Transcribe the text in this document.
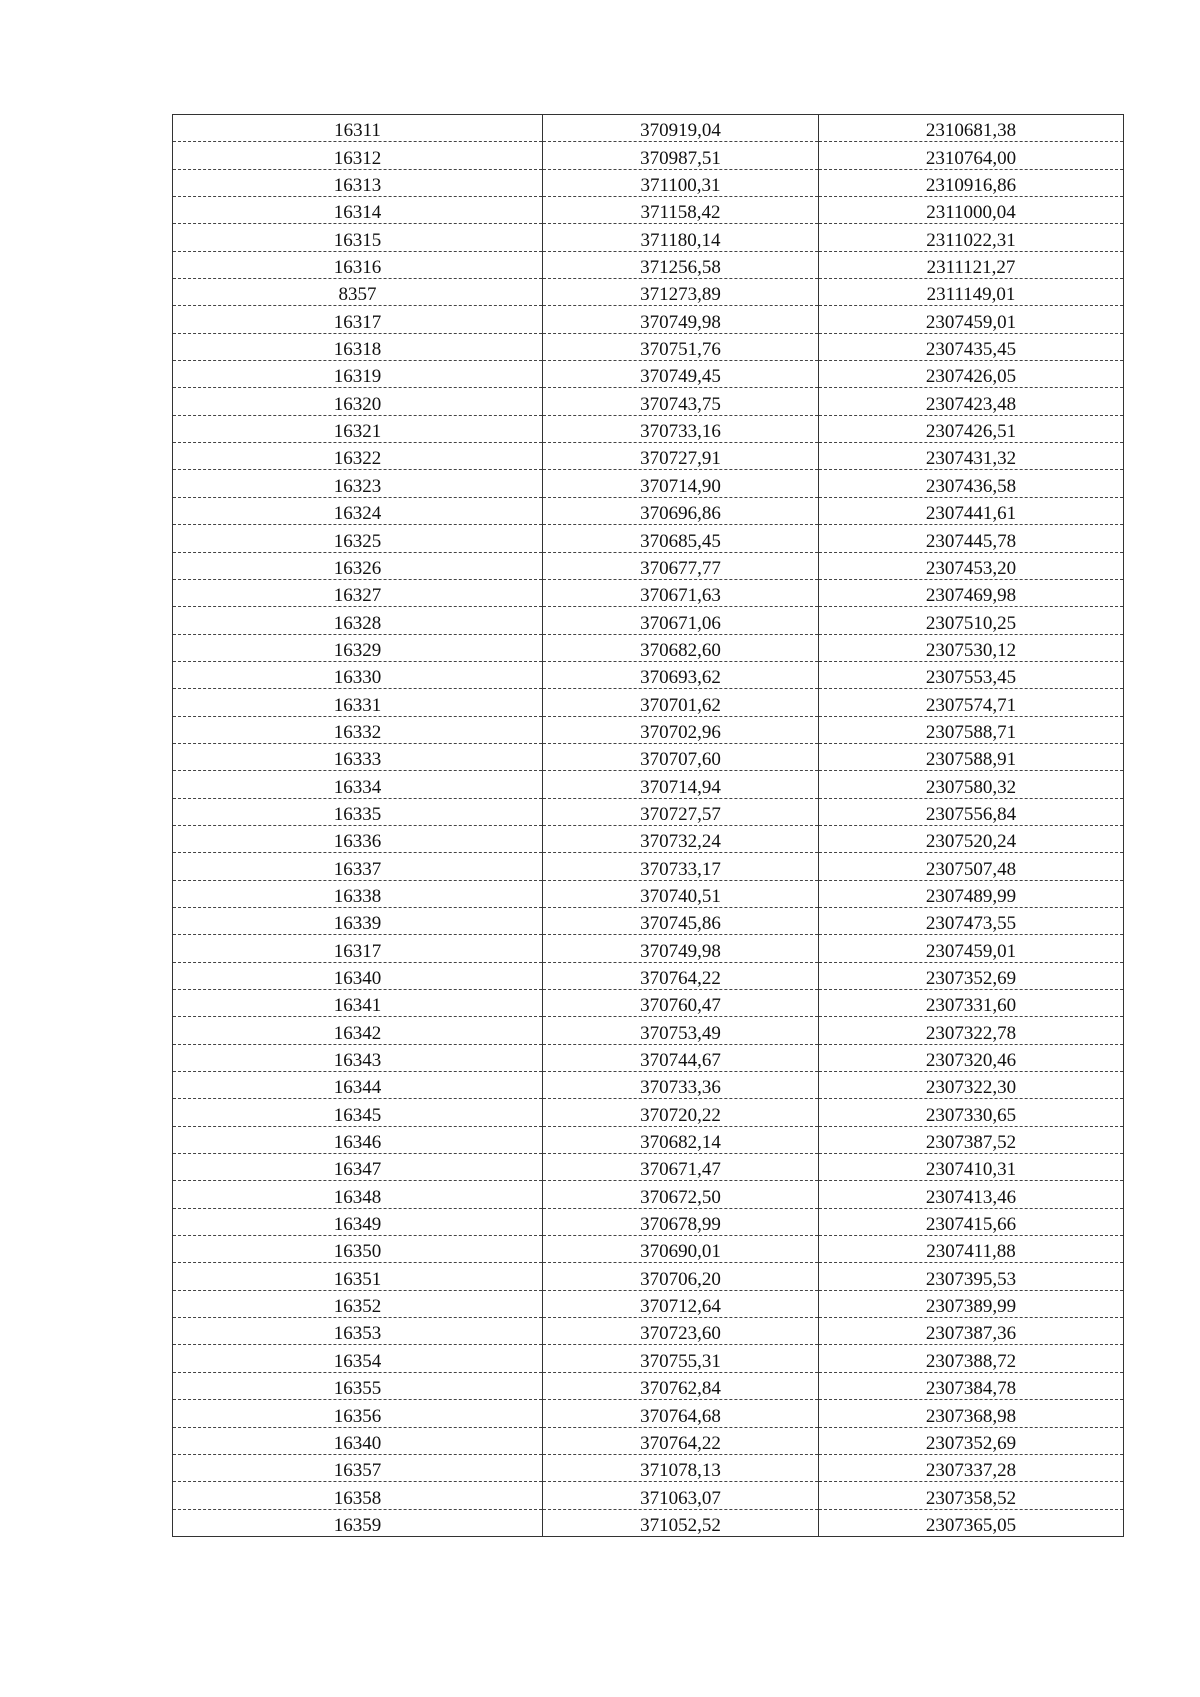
16311	370919,04	2310681,38
16312	370987,51	2310764,00
16313	371100,31	2310916,86
16314	371158,42	2311000,04
16315	371180,14	2311022,31
16316	371256,58	2311121,27
8357	371273,89	2311149,01
16317	370749,98	2307459,01
16318	370751,76	2307435,45
16319	370749,45	2307426,05
16320	370743,75	2307423,48
16321	370733,16	2307426,51
16322	370727,91	2307431,32
16323	370714,90	2307436,58
16324	370696,86	2307441,61
16325	370685,45	2307445,78
16326	370677,77	2307453,20
16327	370671,63	2307469,98
16328	370671,06	2307510,25
16329	370682,60	2307530,12
16330	370693,62	2307553,45
16331	370701,62	2307574,71
16332	370702,96	2307588,71
16333	370707,60	2307588,91
16334	370714,94	2307580,32
16335	370727,57	2307556,84
16336	370732,24	2307520,24
16337	370733,17	2307507,48
16338	370740,51	2307489,99
16339	370745,86	2307473,55
16317	370749,98	2307459,01
16340	370764,22	2307352,69
16341	370760,47	2307331,60
16342	370753,49	2307322,78
16343	370744,67	2307320,46
16344	370733,36	2307322,30
16345	370720,22	2307330,65
16346	370682,14	2307387,52
16347	370671,47	2307410,31
16348	370672,50	2307413,46
16349	370678,99	2307415,66
16350	370690,01	2307411,88
16351	370706,20	2307395,53
16352	370712,64	2307389,99
16353	370723,60	2307387,36
16354	370755,31	2307388,72
16355	370762,84	2307384,78
16356	370764,68	2307368,98
16340	370764,22	2307352,69
16357	371078,13	2307337,28
16358	371063,07	2307358,52
16359	371052,52	2307365,05
